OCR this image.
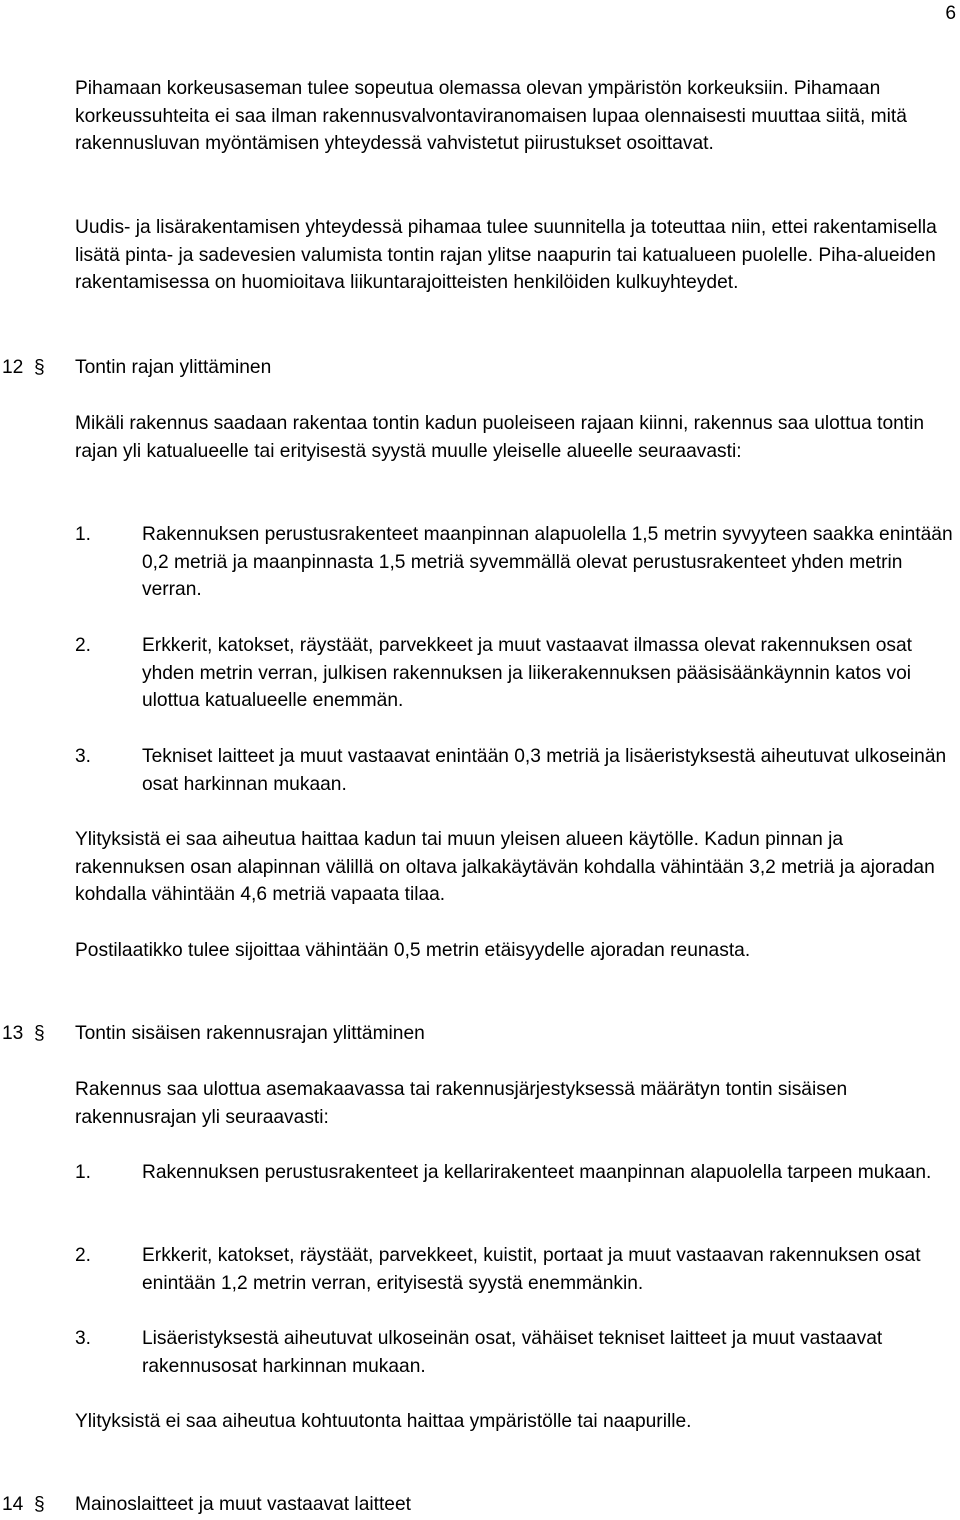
6

Pihamaan korkeusaseman tulee sopeutua olemassa olevan ympäristön korkeuksiin. Pihamaan korkeussuhteita ei saa ilman rakennusvalvontaviranomaisen lupaa olennaisesti muuttaa siitä, mitä rakennusluvan myöntämisen yhteydessä vahvistetut piirustukset osoittavat.

Uudis- ja lisärakentamisen yhteydessä pihamaa tulee suunnitella ja toteuttaa niin, ettei rakentamisella lisätä pinta- ja sadevesien valumista tontin rajan ylitse naapurin tai katualueen puolelle. Piha-alueiden rakentamisessa on huomioitava liikuntarajoitteisten henkilöiden kulkuyhteydet.

12 § Tontin rajan ylittäminen

Mikäli rakennus saadaan rakentaa tontin kadun puoleiseen rajaan kiinni, rakennus saa ulottua tontin rajan yli katualueelle tai erityisestä syystä muulle yleiselle alueelle seuraavasti:

1.	Rakennuksen perustusrakenteet maanpinnan alapuolella 1,5 metrin syvyyteen saakka enintään 0,2 metriä ja maanpinnasta 1,5 metriä syvemmällä olevat perustusrakenteet yhden metrin verran.
2.	Erkkerit, katokset, räystäät, parvekkeet ja muut vastaavat ilmassa olevat rakennuksen osat yhden metrin verran, julkisen rakennuksen ja liikerakennuksen pääsisäänkäynnin katos voi ulottua katualueelle enemmän.
3.	Tekniset laitteet ja muut vastaavat enintään 0,3 metriä ja lisäeristyksestä aiheutuvat ulkoseinän osat harkinnan mukaan.

Ylityksistä ei saa aiheutua haittaa kadun tai muun yleisen alueen käytölle. Kadun pinnan ja rakennuksen osan alapinnan välillä on oltava jalkakäytävän kohdalla vähintään 3,2 metriä ja ajoradan kohdalla vähintään 4,6 metriä vapaata tilaa.

Postilaatikko tulee sijoittaa vähintään 0,5 metrin etäisyydelle ajoradan reunasta.

13 § Tontin sisäisen rakennusrajan ylittäminen

Rakennus saa ulottua asemakaavassa tai rakennusjärjestyksessä määrätyn tontin sisäisen rakennusrajan yli seuraavasti:

1.	Rakennuksen perustusrakenteet ja kellarirakenteet maanpinnan alapuolella tarpeen mukaan.
2.	Erkkerit, katokset, räystäät, parvekkeet, kuistit, portaat ja muut vastaavan rakennuksen osat enintään 1,2 metrin verran, erityisestä syystä enemmänkin.
3.	Lisäeristyksestä aiheutuvat ulkoseinän osat, vähäiset tekniset laitteet ja muut vastaavat rakennusosat harkinnan mukaan.

Ylityksistä ei saa aiheutua kohtuutonta haittaa ympäristölle tai naapurille.

14 § Mainoslaitteet ja muut vastaavat laitteet
